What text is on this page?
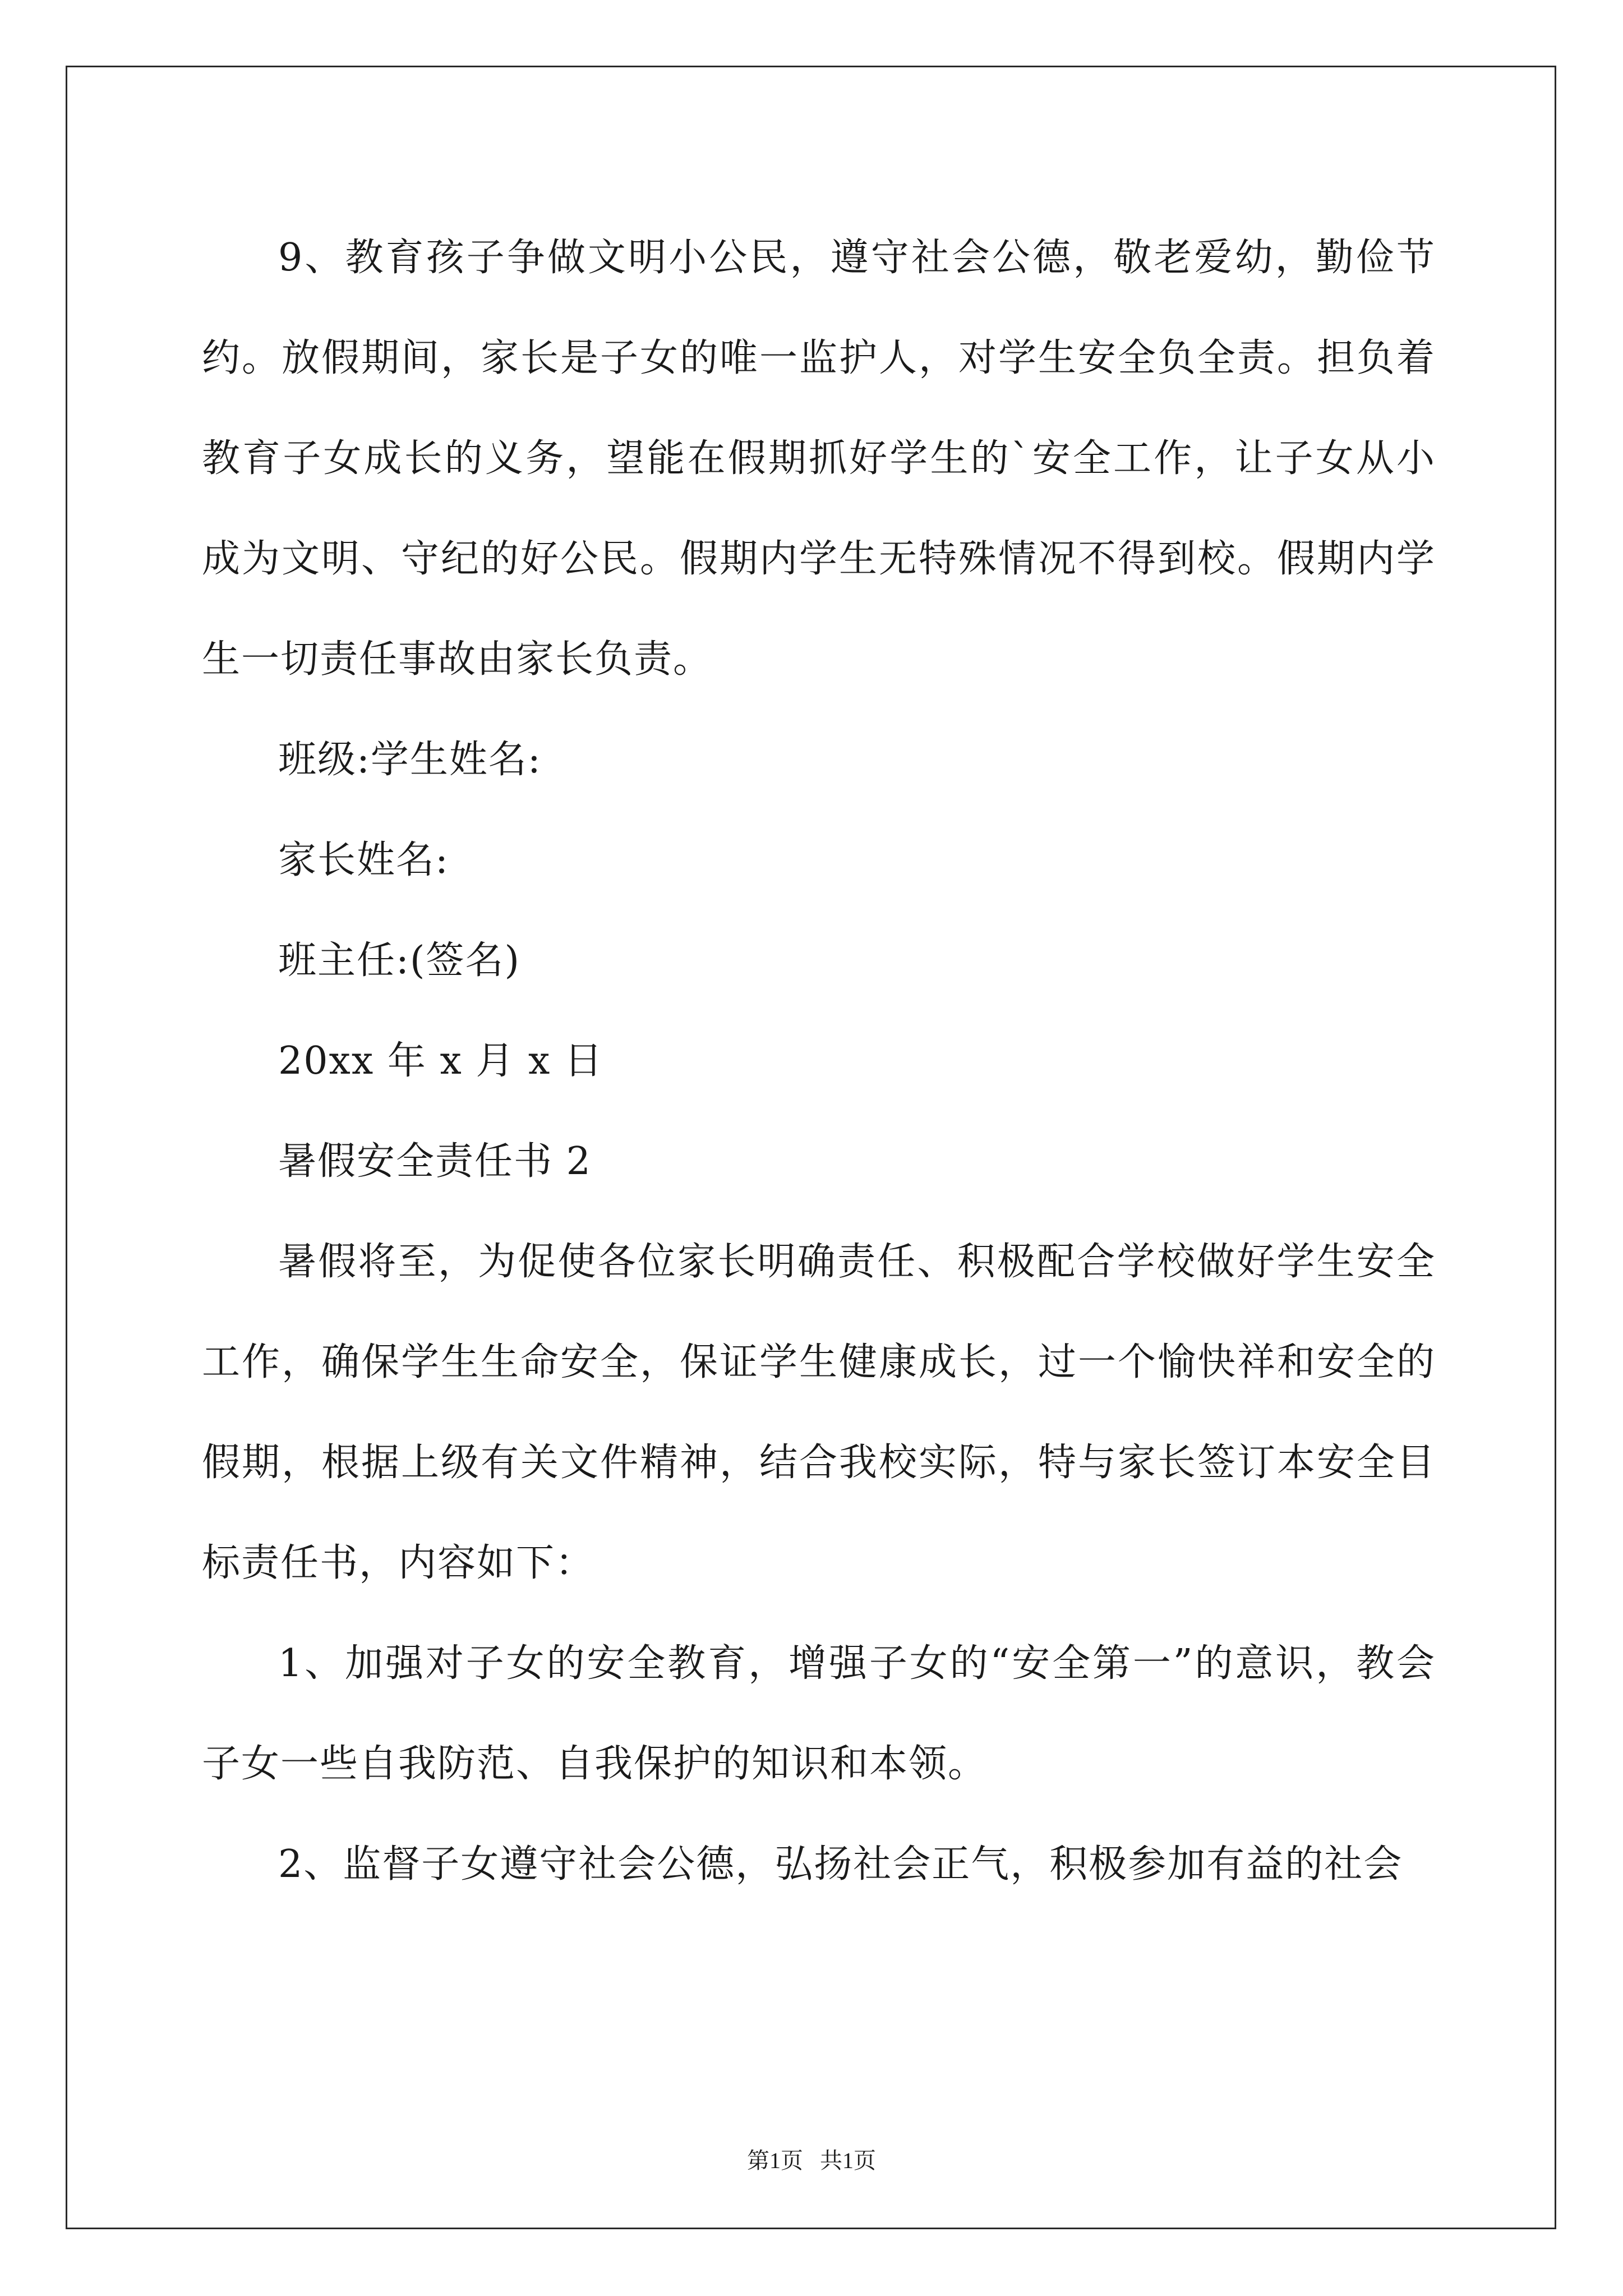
9、教育孩子争做文明小公民，遵守社会公德，敬老爱幼，勤俭节约。放假期间，家长是子女的唯一监护人，对学生安全负全责。担负着教育子女成长的义务，望能在假期抓好学生的`安全工作，让子女从小成为文明、守纪的好公民。假期内学生无特殊情况不得到校。假期内学生一切责任事故由家长负责。

班级:学生姓名:

家长姓名:

班主任:(签名)

20xx 年 x 月 x 日

暑假安全责任书 2

暑假将至，为促使各位家长明确责任、积极配合学校做好学生安全工作，确保学生生命安全，保证学生健康成长，过一个愉快祥和安全的假期，根据上级有关文件精神，结合我校实际，特与家长签订本安全目标责任书，内容如下：

1、加强对子女的安全教育，增强子女的“安全第一”的意识，教会子女一些自我防范、自我保护的知识和本领。

2、监督子女遵守社会公德，弘扬社会正气，积极参加有益的社会

第1页   共1页
